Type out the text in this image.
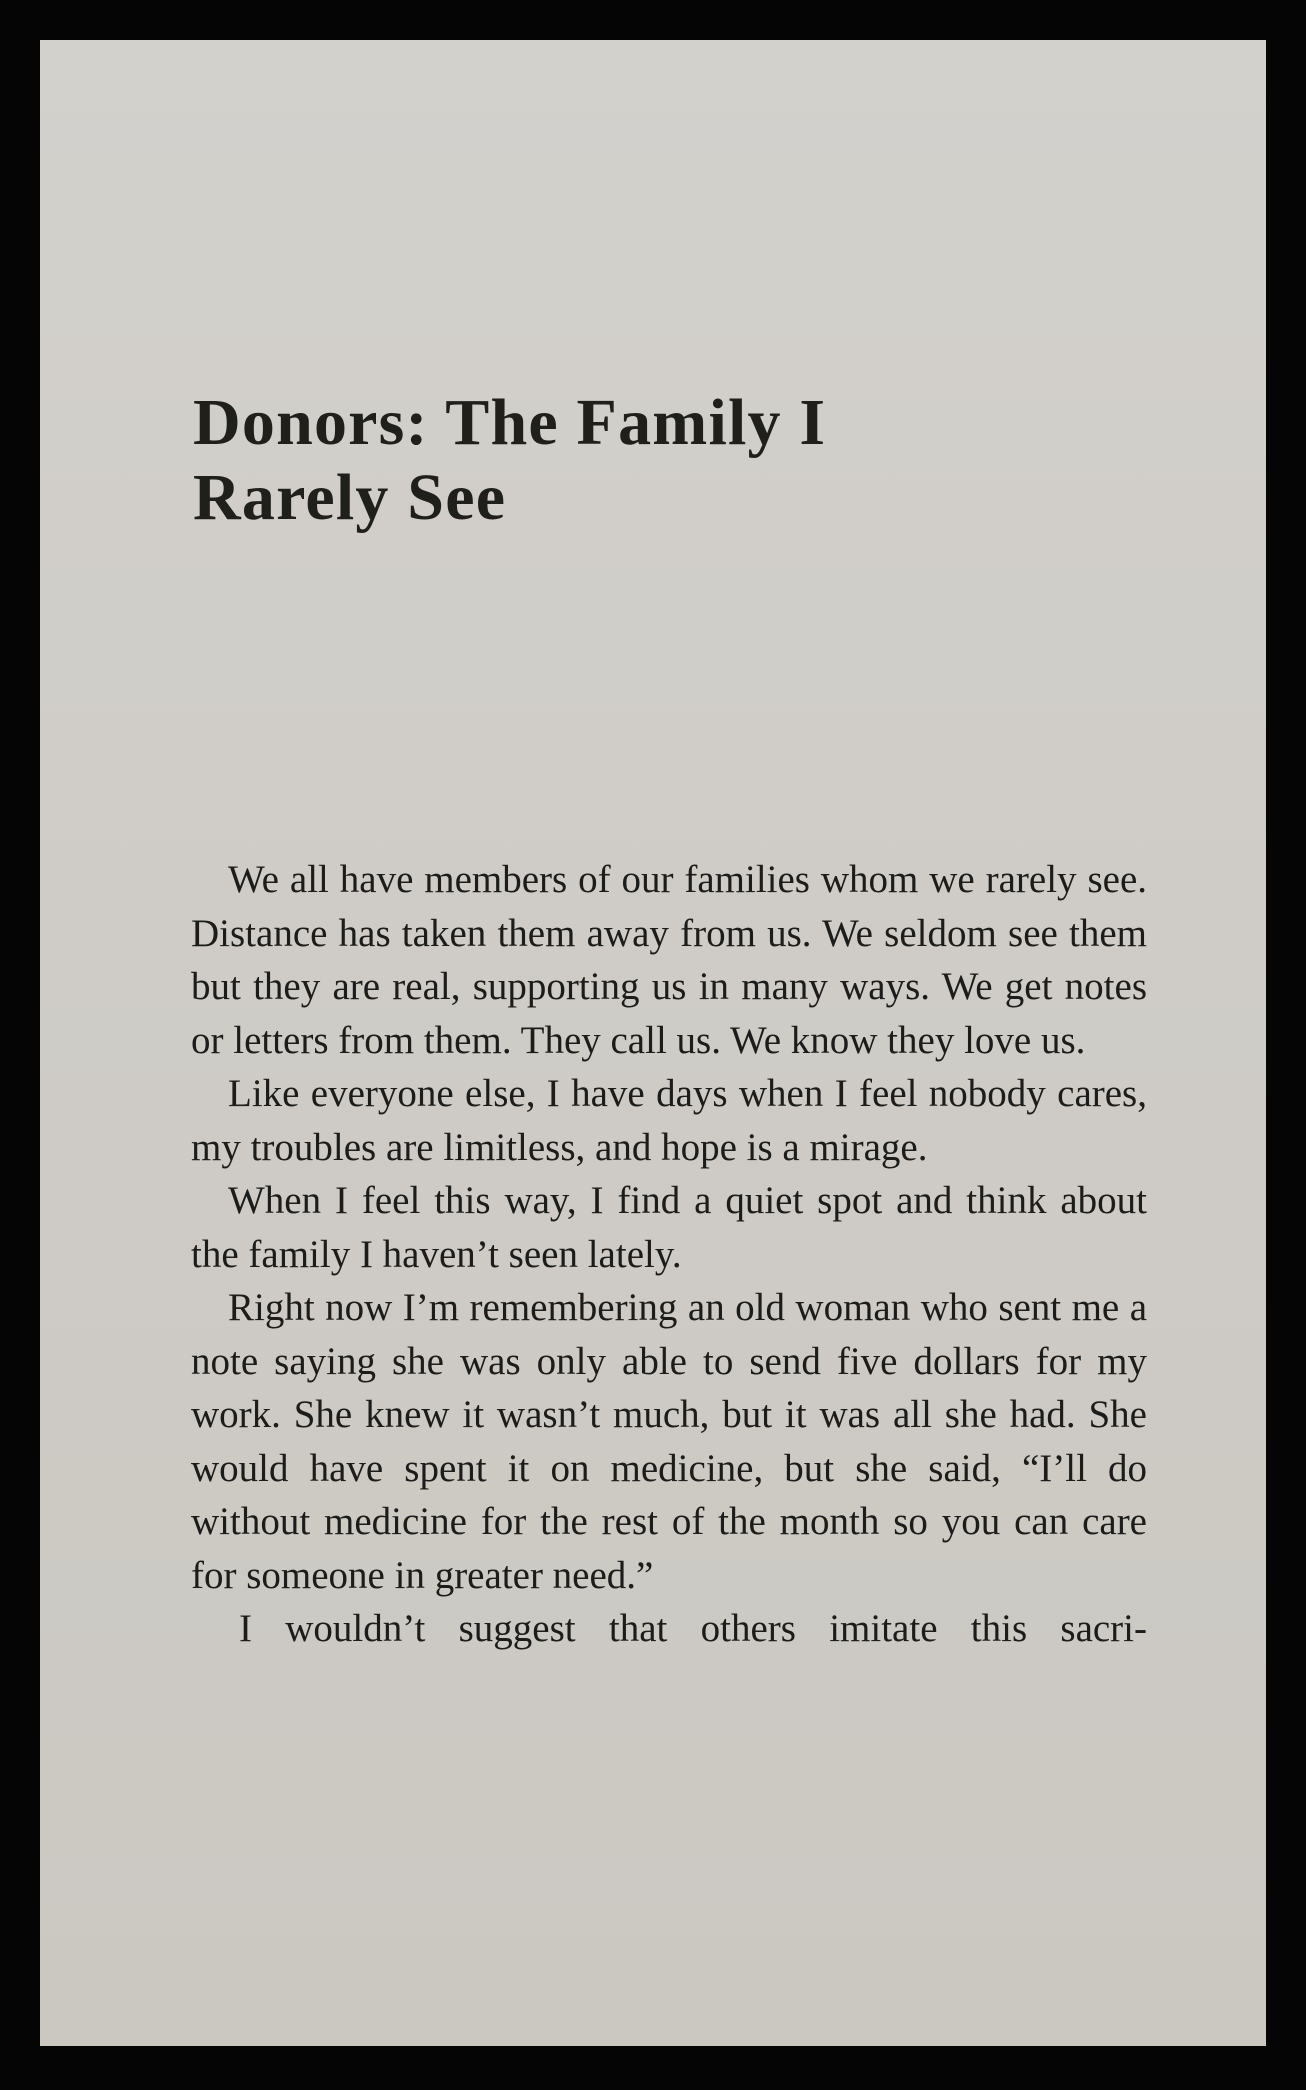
Donors: The Family I
Rarely See

We all have members of our families whom we rarely see. Distance has taken them away from us. We seldom see them but they are real, supporting us in many ways. We get notes or letters from them. They call us. We know they love us.

Like everyone else, I have days when I feel nobody cares, my troubles are limitless, and hope is a mirage.

When I feel this way, I find a quiet spot and think about the family I haven’t seen lately.

Right now I’m remembering an old woman who sent me a note saying she was only able to send five dollars for my work. She knew it wasn’t much, but it was all she had. She would have spent it on medicine, but she said, “I’ll do without medicine for the rest of the month so you can care for someone in greater need.”

I wouldn’t suggest that others imitate this sacri-
